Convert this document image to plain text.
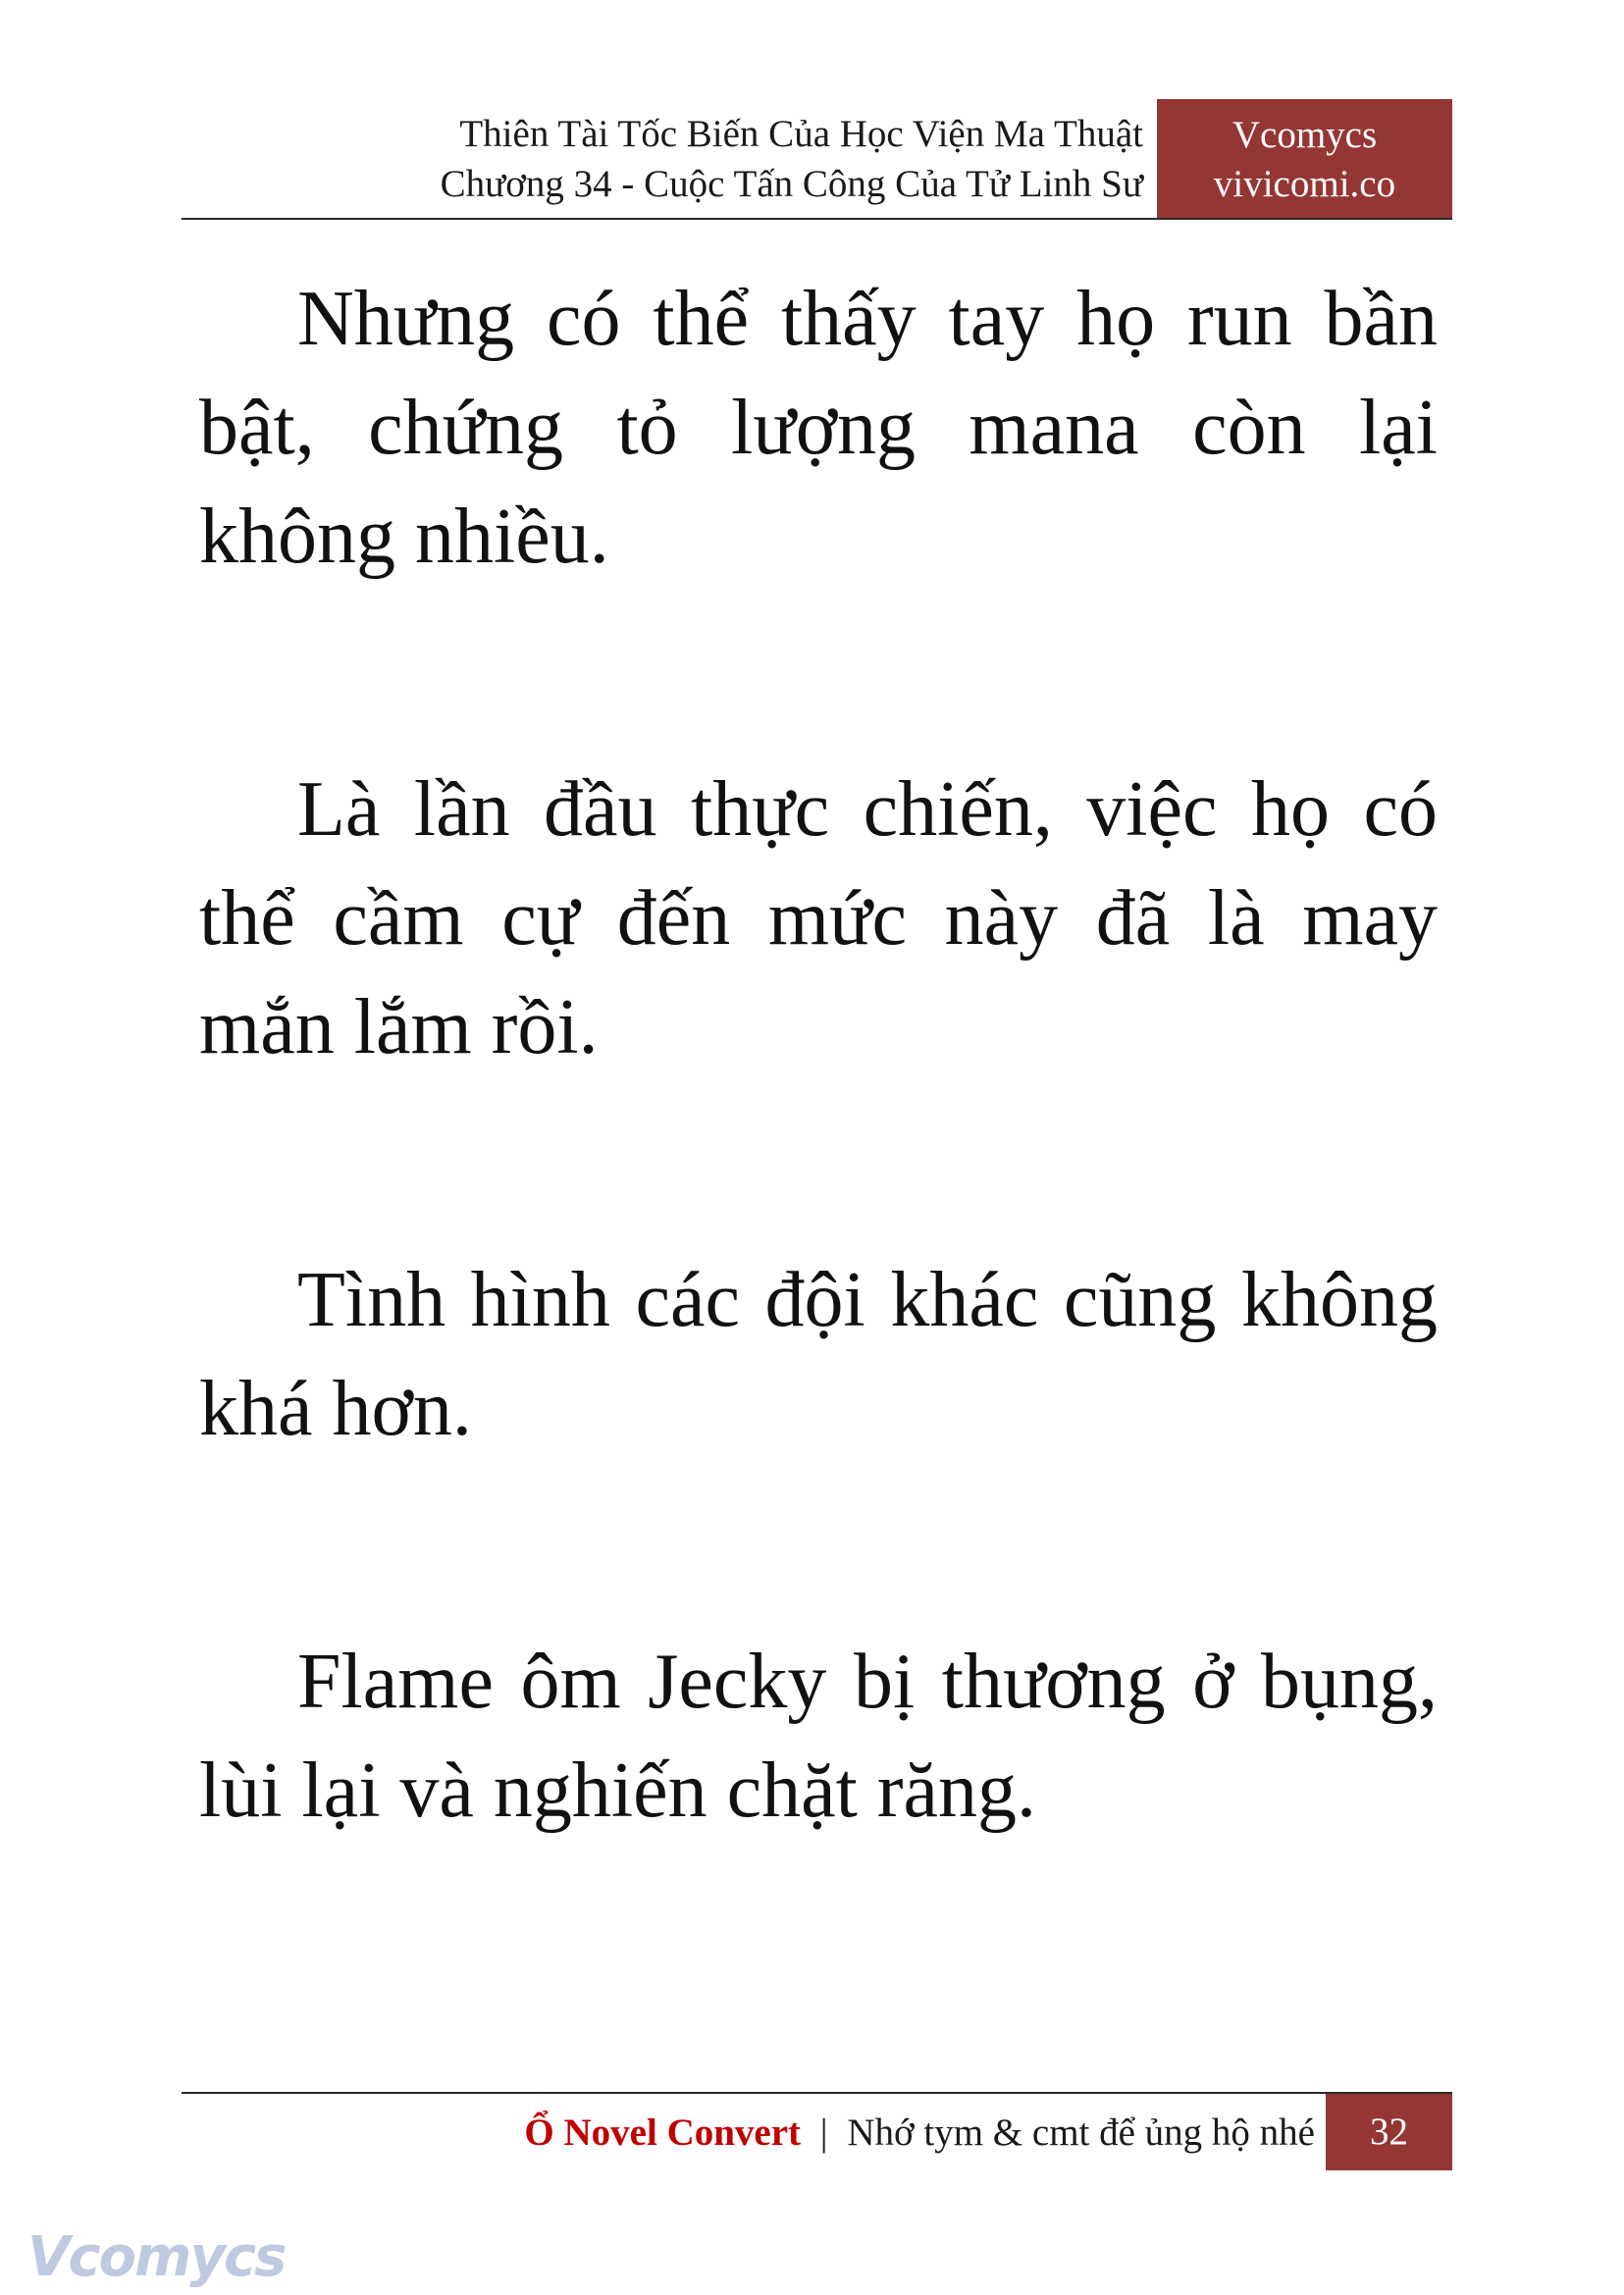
Thiên Tài Tốc Biến Của Học Viện Ma Thuật
Chương 34 - Cuộc Tấn Công Của Tử Linh Sư
Vcomycs
vivicomi.co

Nhưng có thể thấy tay họ run bần bật, chứng tỏ lượng mana còn lại không nhiều.

Là lần đầu thực chiến, việc họ có thể cầm cự đến mức này đã là may mắn lắm rồi.

Tình hình các đội khác cũng không khá hơn.

Flame ôm Jecky bị thương ở bụng, lùi lại và nghiến chặt răng.

Ổ Novel Convert | Nhớ tym & cmt để ủng hộ nhé	32
Vcomycs
